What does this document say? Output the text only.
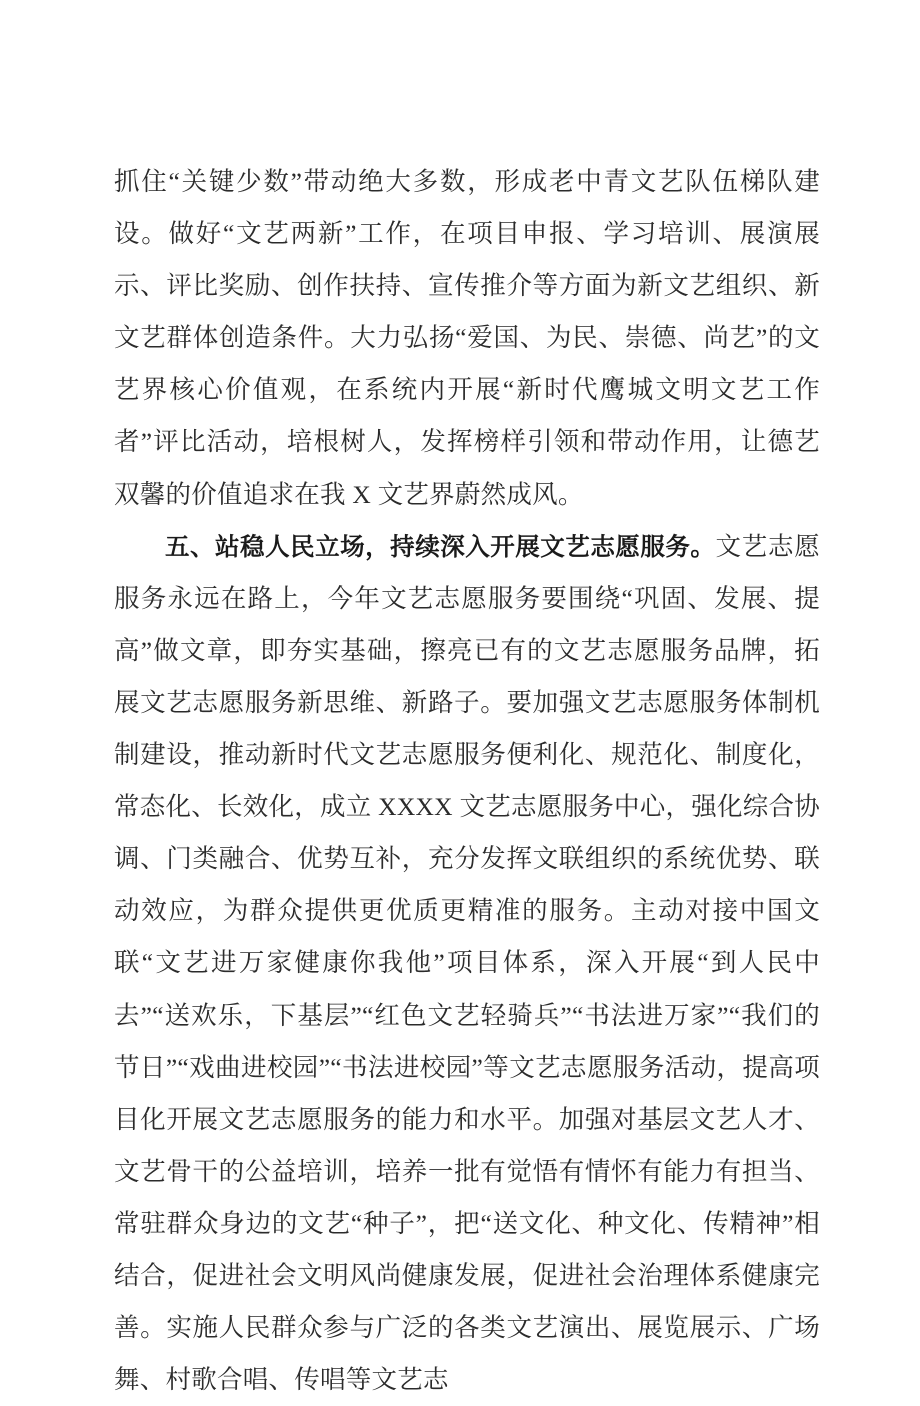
抓住“关键少数”带动绝大多数，形成老中青文艺队伍梯队建设。做好“文艺两新”工作，在项目申报、学习培训、展演展示、评比奖励、创作扶持、宣传推介等方面为新文艺组织、新文艺群体创造条件。大力弘扬“爱国、为民、崇德、尚艺”的文艺界核心价值观，在系统内开展“新时代鹰城文明文艺工作者”评比活动，培根树人，发挥榜样引领和带动作用，让德艺双馨的价值追求在我 X 文艺界蔚然成风。

五、站稳人民立场，持续深入开展文艺志愿服务。文艺志愿服务永远在路上，今年文艺志愿服务要围绕“巩固、发展、提高”做文章，即夯实基础，擦亮已有的文艺志愿服务品牌，拓展文艺志愿服务新思维、新路子。要加强文艺志愿服务体制机制建设，推动新时代文艺志愿服务便利化、规范化、制度化，常态化、长效化，成立 XXXX 文艺志愿服务中心，强化综合协调、门类融合、优势互补，充分发挥文联组织的系统优势、联动效应，为群众提供更优质更精准的服务。主动对接中国文联“文艺进万家健康你我他”项目体系，深入开展“到人民中去”“送欢乐，下基层”“红色文艺轻骑兵”“书法进万家”“我们的节日”“戏曲进校园”“书法进校园”等文艺志愿服务活动，提高项目化开展文艺志愿服务的能力和水平。加强对基层文艺人才、文艺骨干的公益培训，培养一批有觉悟有情怀有能力有担当、常驻群众身边的文艺“种子”，把“送文化、种文化、传精神”相结合，促进社会文明风尚健康发展，促进社会治理体系健康完善。实施人民群众参与广泛的各类文艺演出、展览展示、广场舞、村歌合唱、传唱等文艺志
